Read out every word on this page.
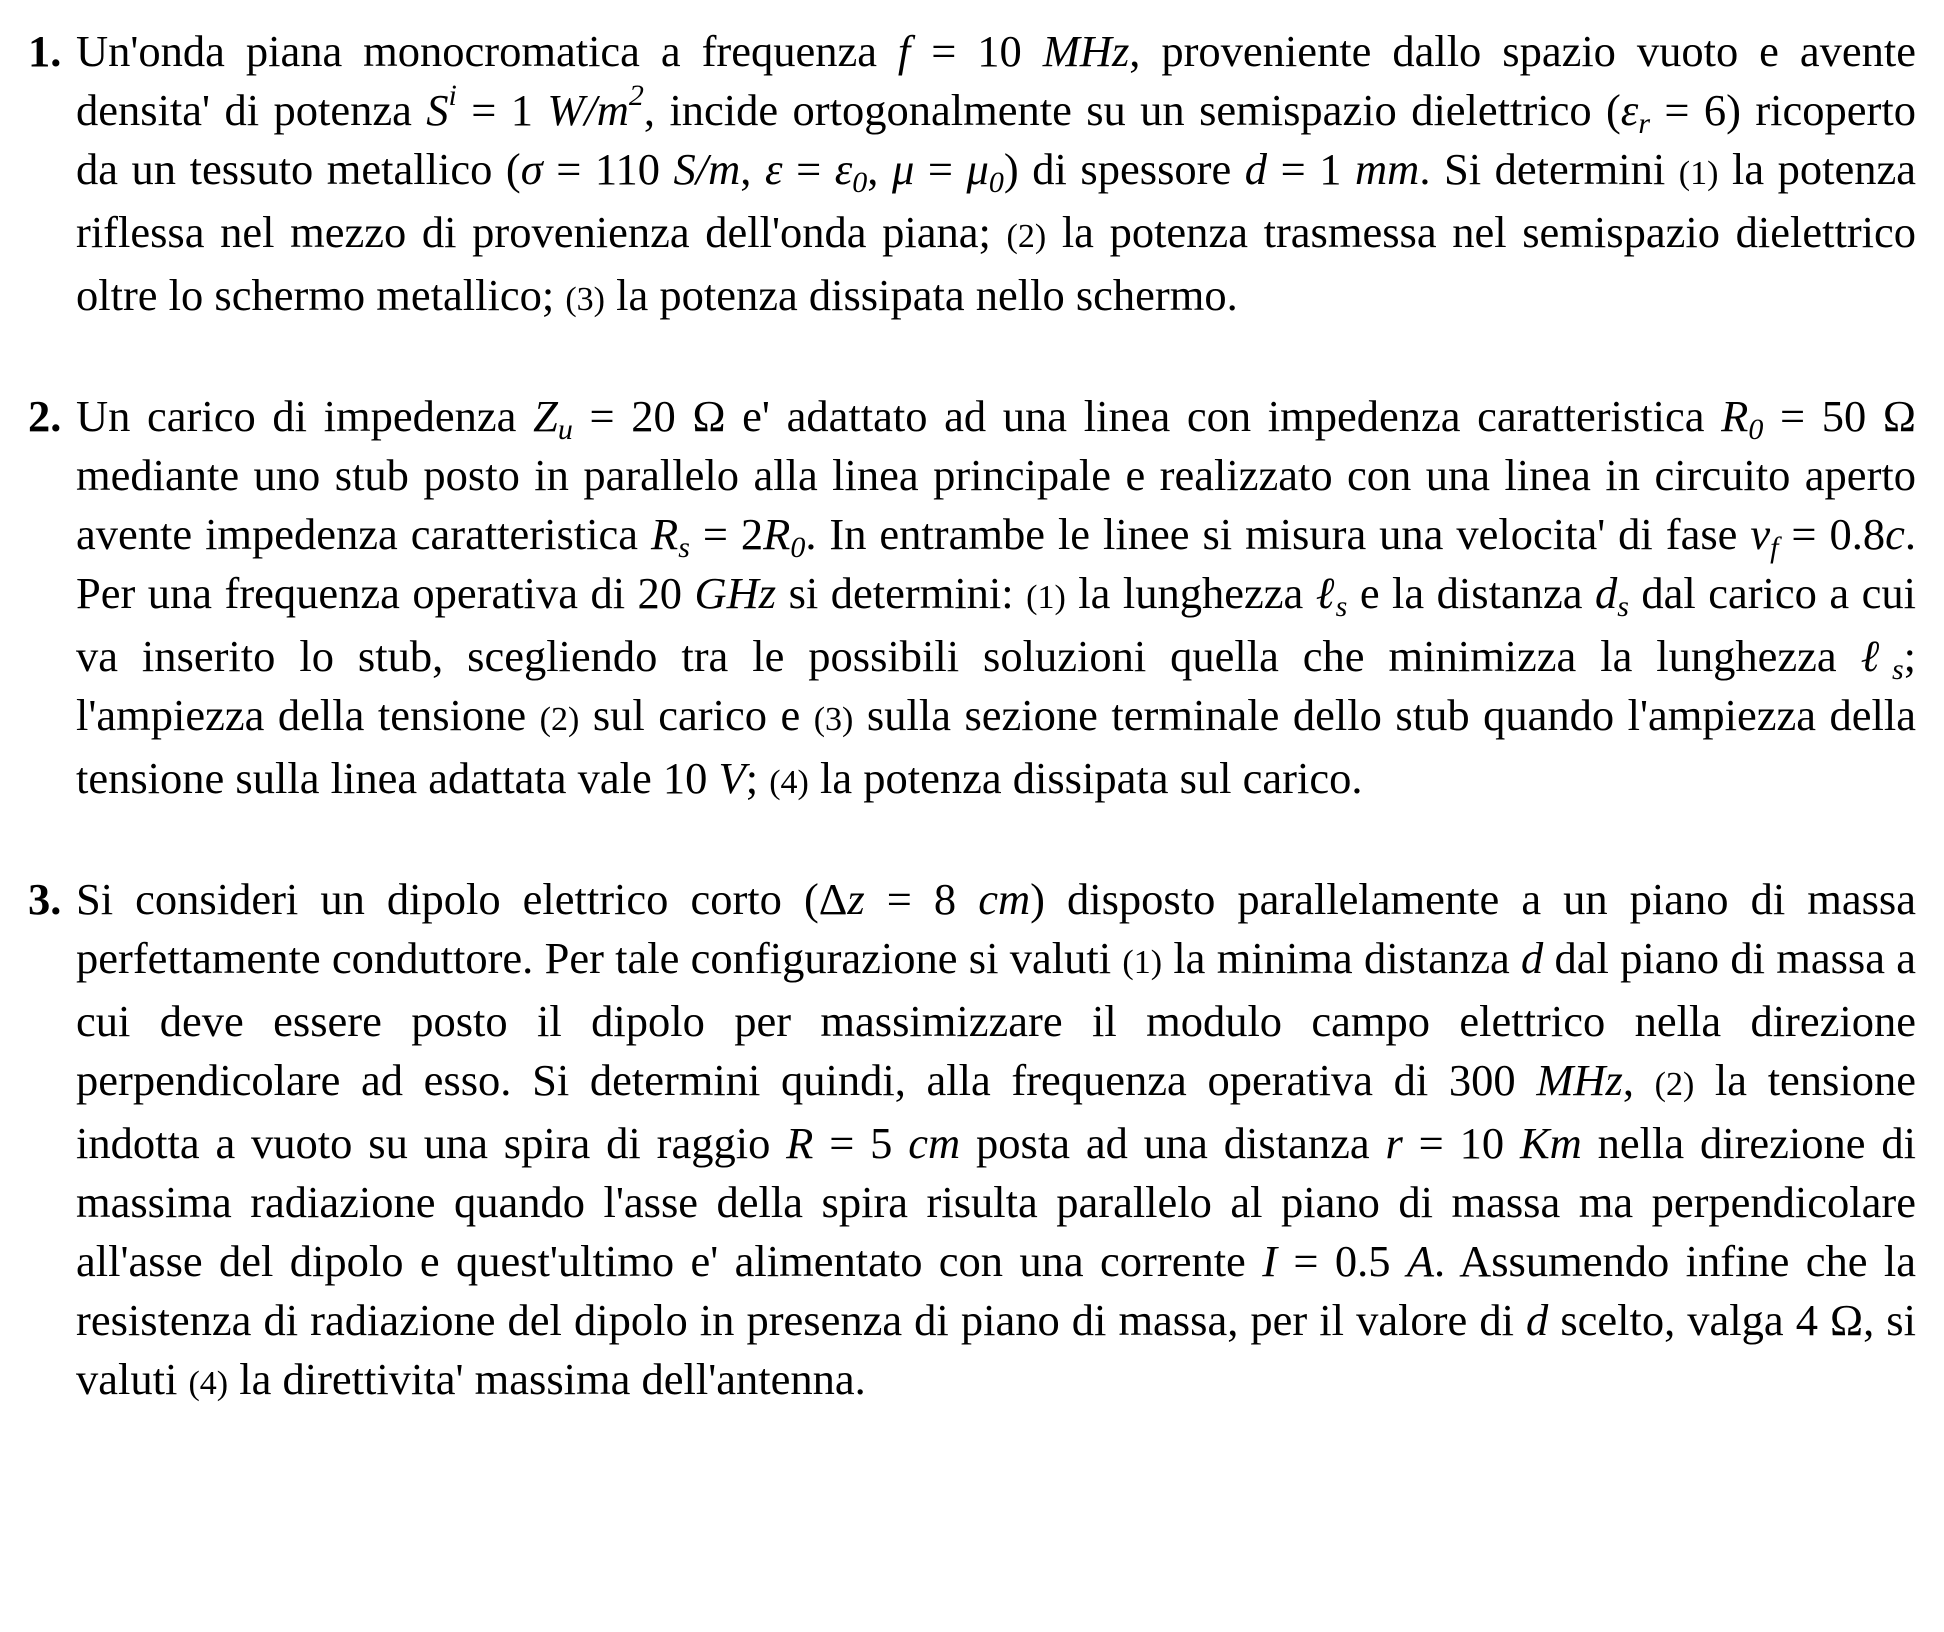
1. Un'onda piana monocromatica a frequenza f = 10 MHz, proveniente dallo spazio vuoto e avente densita' di potenza $S^i = 1$ $W/m^2$, incide ortogonalmente su un semispazio dielettrico $(\varepsilon_r = 6)$ ricoperto da un tessuto metallico (σ = 110 S/m, $\varepsilon = \varepsilon_0$, $\mu = \mu_0$) di spessore d = 1 mm. Si determini (1) la potenza riflessa nel mezzo di provenienza dell'onda piana; (2) la potenza trasmessa nel semispazio dielettrico oltre lo schermo metallico; (3) la potenza dissipata nello schermo.
2. Un carico di impedenza $Z_u = 20$ Ω e' adattato ad una linea con impedenza caratteristica $R_0 = 50$ Ω mediante uno stub posto in parallelo alla linea principale e realizzato con una linea in circuito aperto avente impedenza caratteristica $R_s = 2R_0$. In entrambe le linee si misura una velocita' di fase $v_f = 0.8c$. Per una frequenza operativa di 20 GHz si determini: (1) la lunghezza ℓ$_s$ e la distanza $d_s$ dal carico a cui va inserito lo stub, scegliendo tra le possibili soluzioni quella che minimizza la lunghezza ℓ$_s$; l'ampiezza della tensione (2) sul carico e (3) sulla sezione terminale dello stub quando l'ampiezza della tensione sulla linea adattata vale 10 V; (4) la potenza dissipata sul carico.
3. Si consideri un dipolo elettrico corto (Δz = 8 cm) disposto parallelamente a un piano di massa perfettamente conduttore. Per tale configurazione si valuti (1) la minima distanza d dal piano di massa a cui deve essere posto il dipolo per massimizzare il modulo campo elettrico nella direzione perpendicolare ad esso. Si determini quindi, alla frequenza operativa di 300 MHz, (2) la tensione indotta a vuoto su una spira di raggio R = 5 cm posta ad una distanza r = 10 Km nella direzione di massima radiazione quando l'asse della spira risulta parallelo al piano di massa ma perpendicolare all'asse del dipolo e quest'ultimo e' alimentato con una corrente I = 0.5 A. Assumendo infine che la resistenza di radiazione del dipolo in presenza di piano di massa, per il valore di d scelto, valga 4 Ω, si valuti (4) la direttivita' massima dell'antenna.
